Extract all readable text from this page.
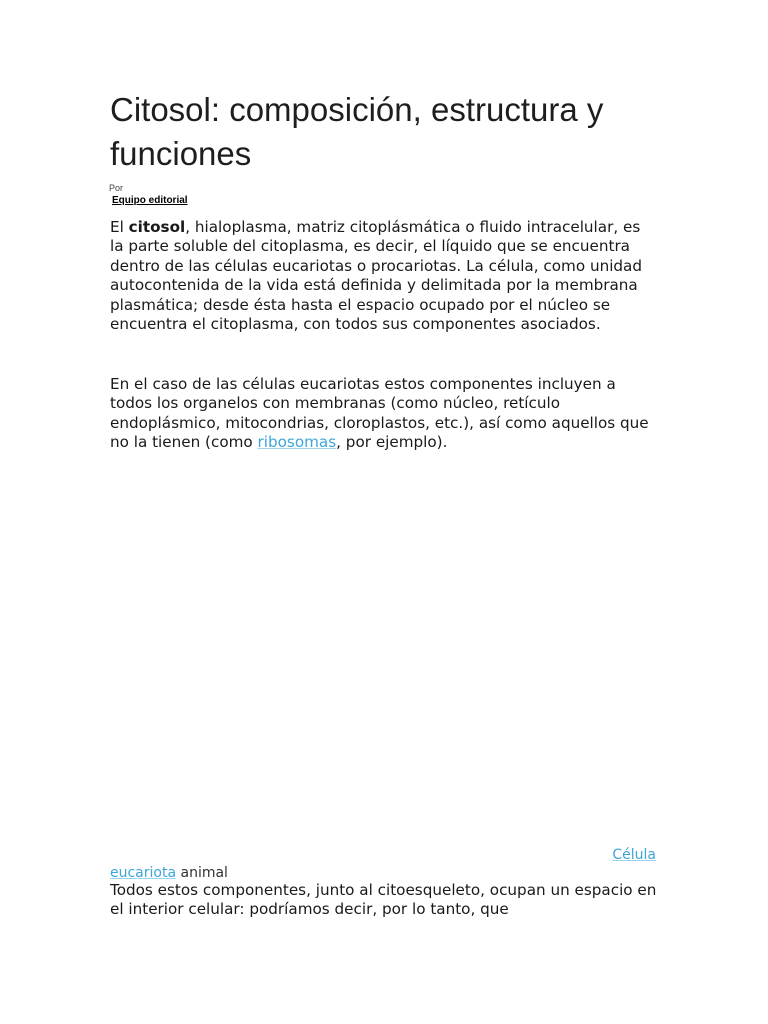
Citosol: composición, estructura y funciones
Por
Equipo editorial

El citosol, hialoplasma, matriz citoplásmática o fluido intracelular, es la parte soluble del citoplasma, es decir, el líquido que se encuentra dentro de las células eucariotas o procariotas. La célula, como unidad autocontenida de la vida está definida y delimitada por la membrana plasmática; desde ésta hasta el espacio ocupado por el núcleo se encuentra el citoplasma, con todos sus componentes asociados.

En el caso de las células eucariotas estos componentes incluyen a todos los organelos con membranas (como núcleo, retículo endoplásmico, mitocondrias, cloroplastos, etc.), así como aquellos que no la tienen (como ribosomas, por ejemplo).

Célula
eucariota animal

Todos estos componentes, junto al citoesqueleto, ocupan un espacio en el interior celular: podríamos decir, por lo tanto, que
